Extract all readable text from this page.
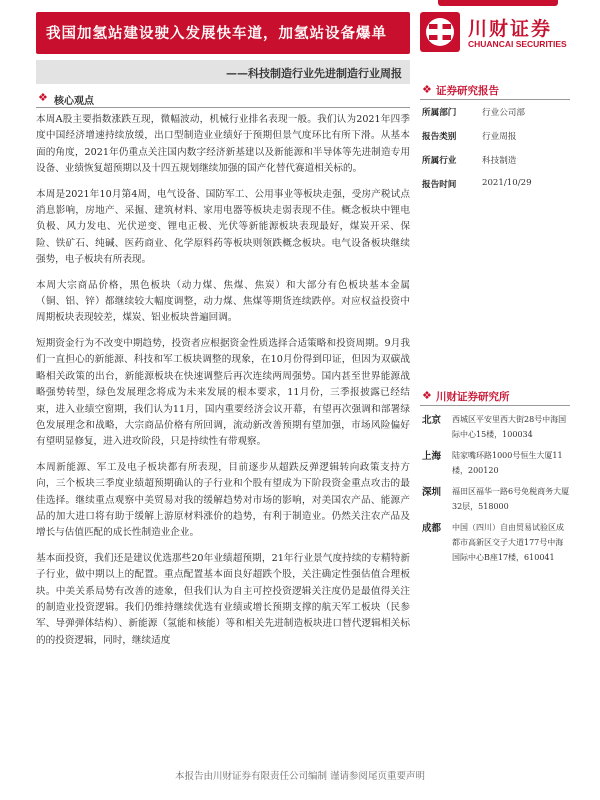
我国加氢站建设驶入发展快车道，加氢站设备爆单	川财证券
CHUANCAI SECURITIES
——科技制造行业先进制造行业周报
❖ 核心观点

本周A股主要指数涨跌互现，微幅波动，机械行业排名表现一般。我们认为2021年四季度中国经济增速持续放缓，出口型制造业业绩好于预期但景气度环比有所下滑。从基本面的角度，2021年仍重点关注国内数字经济新基建以及新能源和半导体等先进制造专用设备、业绩恢复超预期以及十四五规划继续加强的国产化替代赛道相关标的。

本周是2021年10月第4周，电气设备、国防军工、公用事业等板块走强，受房产税试点消息影响，房地产、采掘、建筑材料、家用电器等板块走弱表现不佳。概念板块中锂电负极、风力发电、光伏逆变、锂电正极、光伏等新能源板块表现最好，煤炭开采、保险、铁矿石、纯碱、医药商业、化学原料药等板块则领跌概念板块。电气设备板块继续强势，电子板块有所表现。

本周大宗商品价格，黑色板块（动力煤、焦煤、焦炭）和大部分有色板块基本金属（铜、铝、锌）都继续较大幅度调整，动力煤、焦煤等期货连续跌停。对应权益投资中周期板块表现较差，煤炭、铝业板块普遍回调。

短期资金行为不改变中期趋势，投资者应根据资金性质选择合适策略和投资周期。9月我们一直担心的新能源、科技和军工板块调整的现象，在10月份得到印证，但因为双碳战略相关政策的出台，新能源板块在快速调整后再次连续两周强势。国内甚至世界能源战略强势转型，绿色发展理念将成为未来发展的根本要求，11月份，三季报披露已经结束，进入业绩空窗期，我们认为11月，国内重要经济会议开幕，有望再次强调和部署绿色发展理念和战略，大宗商品价格有所回调，流动新改善预期有望加强，市场风险偏好有望明显修复，进入进攻阶段，只是持续性有带观察。

本周新能源、军工及电子板块都有所表现，目前逐步从超跌反弹逻辑转向政策支持方向，三个板块三季度业绩超预期确认的子行业和个股有望成为下阶段资金重点攻击的最佳选择。继续重点观察中美贸易对我的缓解趋势对市场的影响，对美国农产品、能源产品的加大进口将有助于缓解上游原材料涨价的趋势，有利于制造业。仍然关注农产品及增长与估值匹配的成长性制造业企业。

基本面投资，我们还是建议优选那些20年业绩超预期，21年行业景气度持续的专精特新子行业，做中期以上的配置。重点配置基本面良好超跌个股，关注确定性强估值合理板块。中美关系局势有改善的迹象，但我们认为自主可控投资逻辑关注度仍是最值得关注的制造业投资逻辑。我们仍维持继续优选有业绩或增长预期支撑的航天军工板块（民参军、导弹弹体结构）、新能源（氢能和核能）等和相关先进制造板块进口替代逻辑相关标的的投资逻辑，同时，继续适度

❖ 证券研究报告
所属部门	行业公司部
报告类别	行业周报
所属行业	科技制造
报告时间	2021/10/29
❖ 川财证券研究所
北京	西城区平安里西大街28号中海国际中心15楼，100034
上海	陆家嘴环路1000号恒生大厦11楼，200120
深圳	福田区福华一路6号免税商务大厦32层，518000
成都	中国（四川）自由贸易试验区成都市高新区交子大道177号中海国际中心B座17楼，610041
本报告由川财证券有限责任公司编制 谨请参阅尾页重要声明
